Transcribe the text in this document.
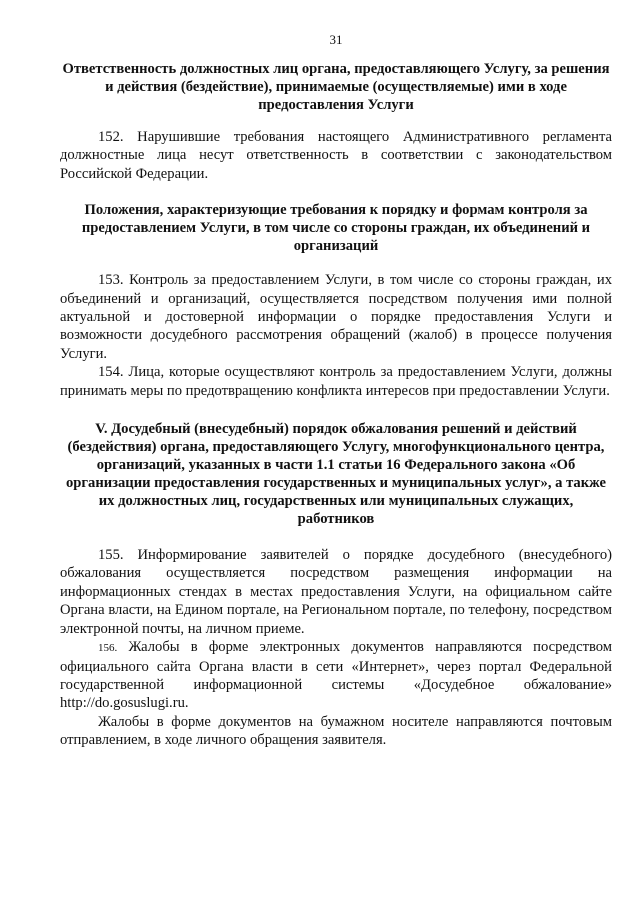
31
Ответственность должностных лиц органа, предоставляющего Услугу, за решения и действия (бездействие), принимаемые (осуществляемые) ими в ходе предоставления Услуги

152. Нарушившие требования настоящего Административного регламента должностные лица несут ответственность в соответствии с законодательством Российской Федерации.

Положения, характеризующие требования к порядку и формам контроля за предоставлением Услуги, в том числе со стороны граждан, их объединений и организаций

153. Контроль за предоставлением Услуги, в том числе со стороны граждан, их объединений и организаций, осуществляется посредством получения ими полной актуальной и достоверной информации о порядке предоставления Услуги и возможности досудебного рассмотрения обращений (жалоб) в процессе получения Услуги.

154. Лица, которые осуществляют контроль за предоставлением Услуги, должны принимать меры по предотвращению конфликта интересов при предоставлении Услуги.

V. Досудебный (внесудебный) порядок обжалования решений и действий (бездействия) органа, предоставляющего Услугу, многофункционального центра, организаций, указанных в части 1.1 статьи 16 Федерального закона «Об организации предоставления государственных и муниципальных услуг», а также их должностных лиц, государственных или муниципальных служащих, работников

155. Информирование заявителей о порядке досудебного (внесудебного) обжалования осуществляется посредством размещения информации на информационных стендах в местах предоставления Услуги, на официальном сайте Органа власти, на Едином портале, на Региональном портале, по телефону, посредством электронной почты, на личном приеме.

156. Жалобы в форме электронных документов направляются посредством официального сайта Органа власти в сети «Интернет», через портал Федеральной государственной информационной системы «Досудебное обжалование» http://do.gosuslugi.ru.

Жалобы в форме документов на бумажном носителе направляются почтовым отправлением, в ходе личного обращения заявителя.
